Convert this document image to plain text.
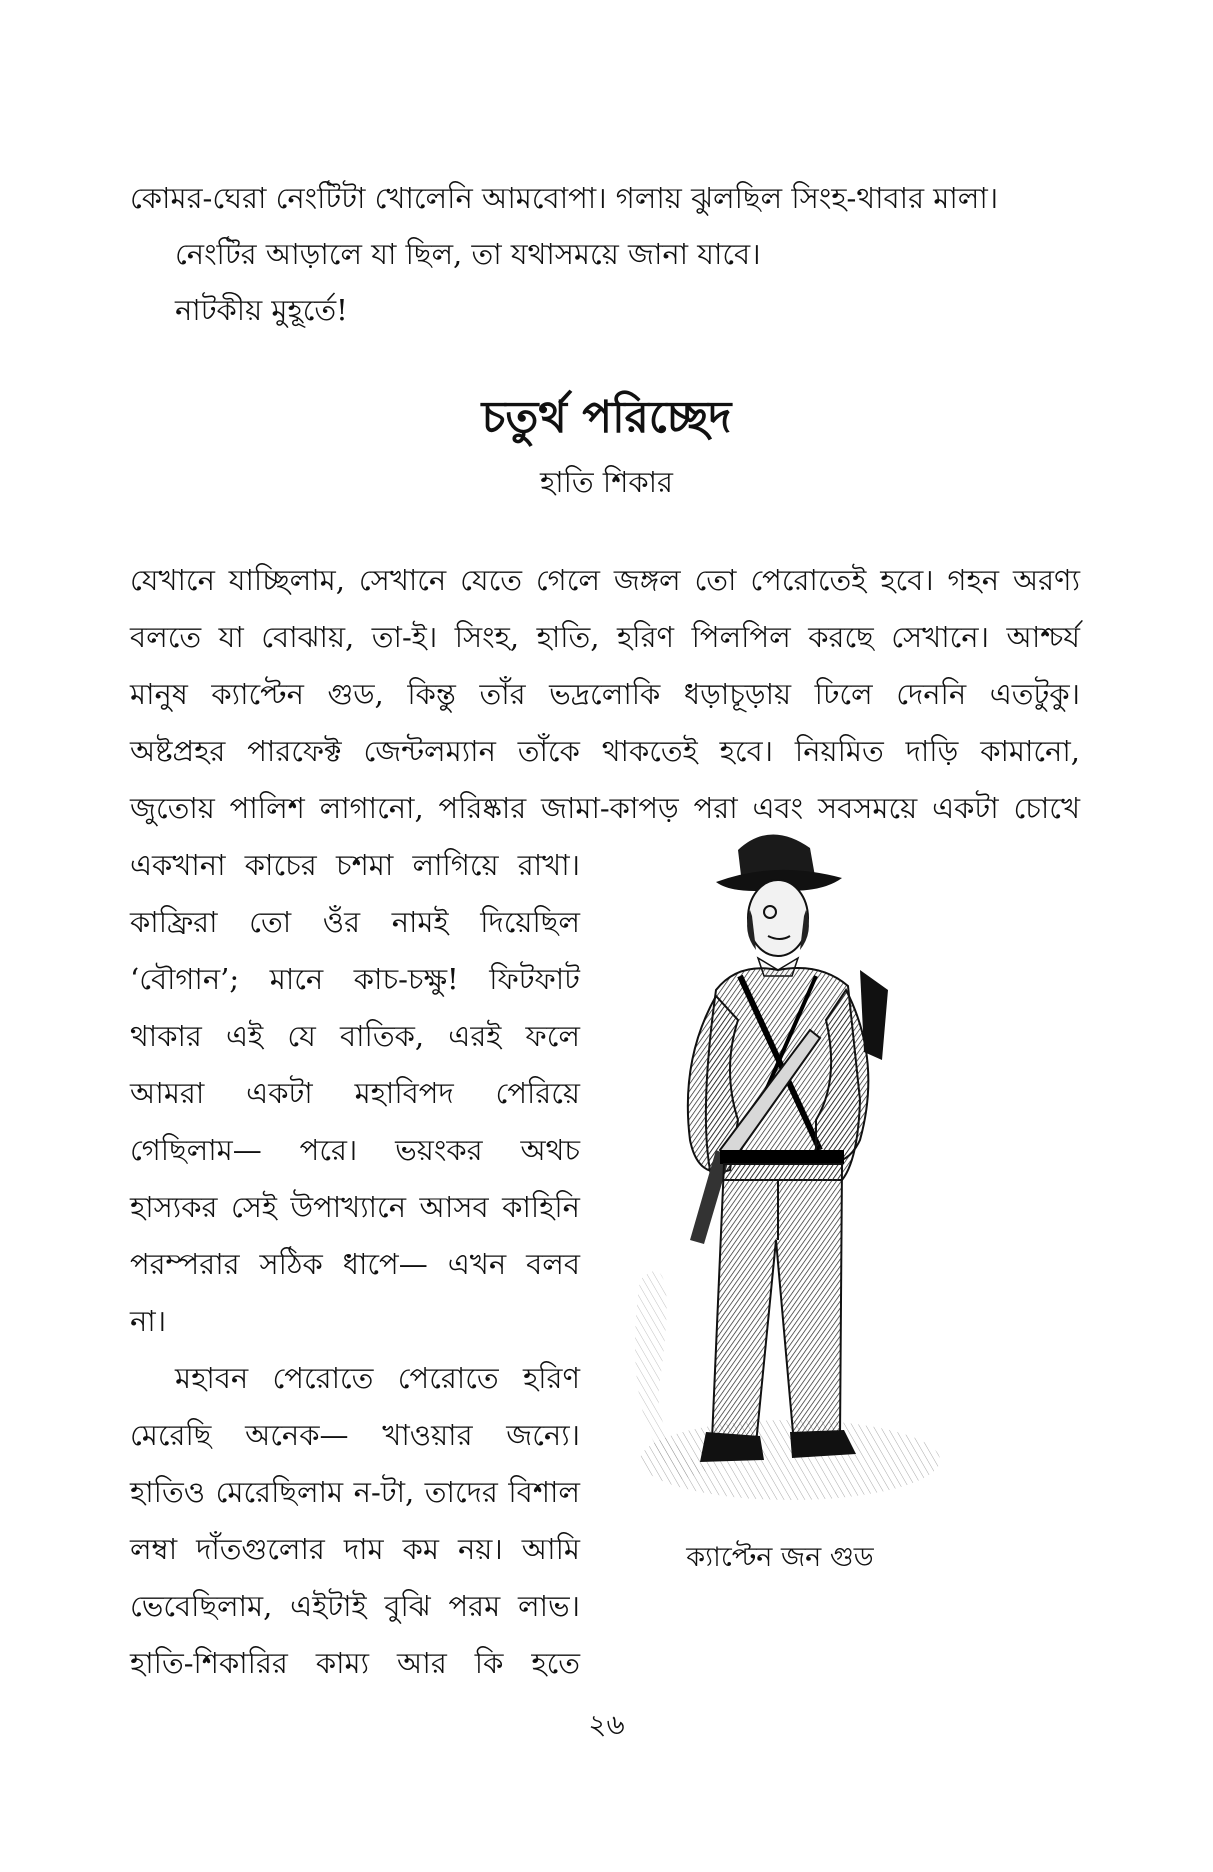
কোমর-ঘেরা নেংটিটা খোলেনি আমবোপা। গলায় ঝুলছিল সিংহ-থাবার মালা।
নেংটির আড়ালে যা ছিল, তা যথাসময়ে জানা যাবে।
নাটকীয় মুহূর্তে!
চতুর্থ পরিচ্ছেদ
হাতি শিকার
যেখানে যাচ্ছিলাম, সেখানে যেতে গেলে জঙ্গল তো পেরোতেই হবে। গহন অরণ্য
বলতে যা বোঝায়, তা-ই। সিংহ, হাতি, হরিণ পিলপিল করছে সেখানে। আশ্চর্য
মানুষ ক্যাপ্টেন গুড, কিন্তু তাঁর ভদ্রলোকি ধড়াচূড়ায় ঢিলে দেননি এতটুকু।
অষ্টপ্রহর পারফেক্ট জেন্টলম্যান তাঁকে থাকতেই হবে। নিয়মিত দাড়ি কামানো,
জুতোয় পালিশ লাগানো, পরিষ্কার জামা-কাপড় পরা এবং সবসময়ে একটা চোখে
একখানা কাচের চশমা লাগিয়ে রাখা।
কাফ্রিরা তো ওঁর নামই দিয়েছিল
‘বৌগান’; মানে কাচ-চক্ষু! ফিটফাট
থাকার এই যে বাতিক, এরই ফলে
আমরা একটা মহাবিপদ পেরিয়ে
গেছিলাম— পরে। ভয়ংকর অথচ
হাস্যকর সেই উপাখ্যানে আসব কাহিনি
পরম্পরার সঠিক ধাপে— এখন বলব
না।
মহাবন পেরোতে পেরোতে হরিণ
মেরেছি অনেক— খাওয়ার জন্যে।
হাতিও মেরেছিলাম ন-টা, তাদের বিশাল
লম্বা দাঁতগুলোর দাম কম নয়। আমি
ভেবেছিলাম, এইটাই বুঝি পরম লাভ।
হাতি-শিকারির কাম্য আর কি হতে
ক্যাপ্টেন জন গুড
২৬
